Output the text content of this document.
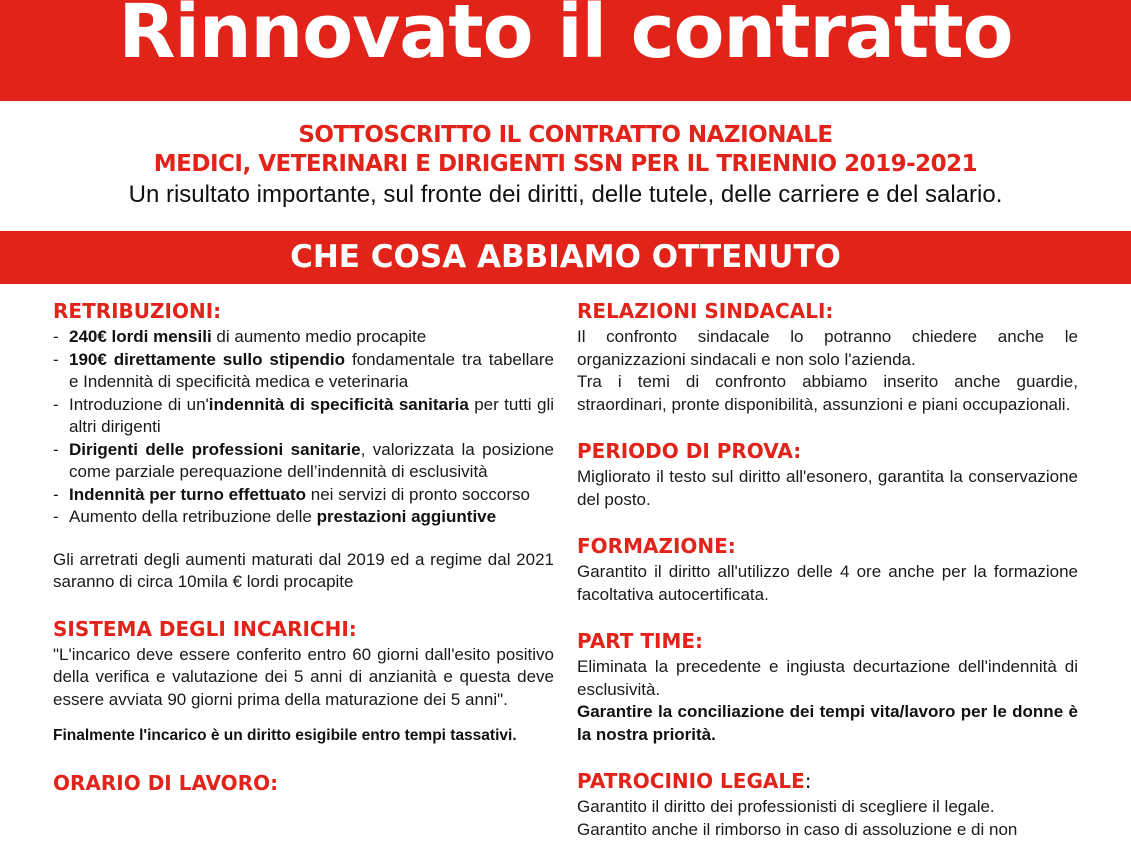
Rinnovato il contratto
SOTTOSCRITTO IL CONTRATTO NAZIONALE
MEDICI, VETERINARI E DIRIGENTI SSN PER IL TRIENNIO 2019-2021
Un risultato importante, sul fronte dei diritti, delle tutele, delle carriere e del salario.
CHE COSA ABBIAMO OTTENUTO
RETRIBUZIONI:
- 240€ lordi mensili di aumento medio procapite
- 190€ direttamente sullo stipendio fondamentale tra tabellare e Indennità di specificità medica e veterinaria
- Introduzione di un'indennità di specificità sanitaria per tutti gli altri dirigenti
- Dirigenti delle professioni sanitarie, valorizzata la posizione come parziale perequazione dell’indennità di esclusività
- Indennità per turno effettuato nei servizi di pronto soccorso
- Aumento della retribuzione delle prestazioni aggiuntive

Gli arretrati degli aumenti maturati dal 2019 ed a regime dal 2021 saranno di circa 10mila € lordi procapite

SISTEMA DEGLI INCARICHI:

"L'incarico deve essere conferito entro 60 giorni dall'esito positivo della verifica e valutazione dei 5 anni di anzianità e questa deve essere avviata 90 giorni prima della maturazione dei 5 anni".

Finalmente l'incarico è un diritto esigibile entro tempi tassativi.

ORARIO DI LAVORO:
RELAZIONI SINDACALI:

Il confronto sindacale lo potranno chiedere anche le organizzazioni sindacali e non solo l'azienda.

Tra i temi di confronto abbiamo inserito anche guardie, straordinari, pronte disponibilità, assunzioni e piani occupazionali.

PERIODO DI PROVA:

Migliorato il testo sul diritto all'esonero, garantita la conservazione del posto.

FORMAZIONE:

Garantito il diritto all'utilizzo delle 4 ore anche per la formazione facoltativa autocertificata.

PART TIME:

Eliminata la precedente e ingiusta decurtazione dell'indennità di esclusività.

Garantire la conciliazione dei tempi vita/lavoro per le donne è la nostra priorità.

PATROCINIO LEGALE:

Garantito il diritto dei professionisti di scegliere il legale.

Garantito anche il rimborso in caso di assoluzione e di non
